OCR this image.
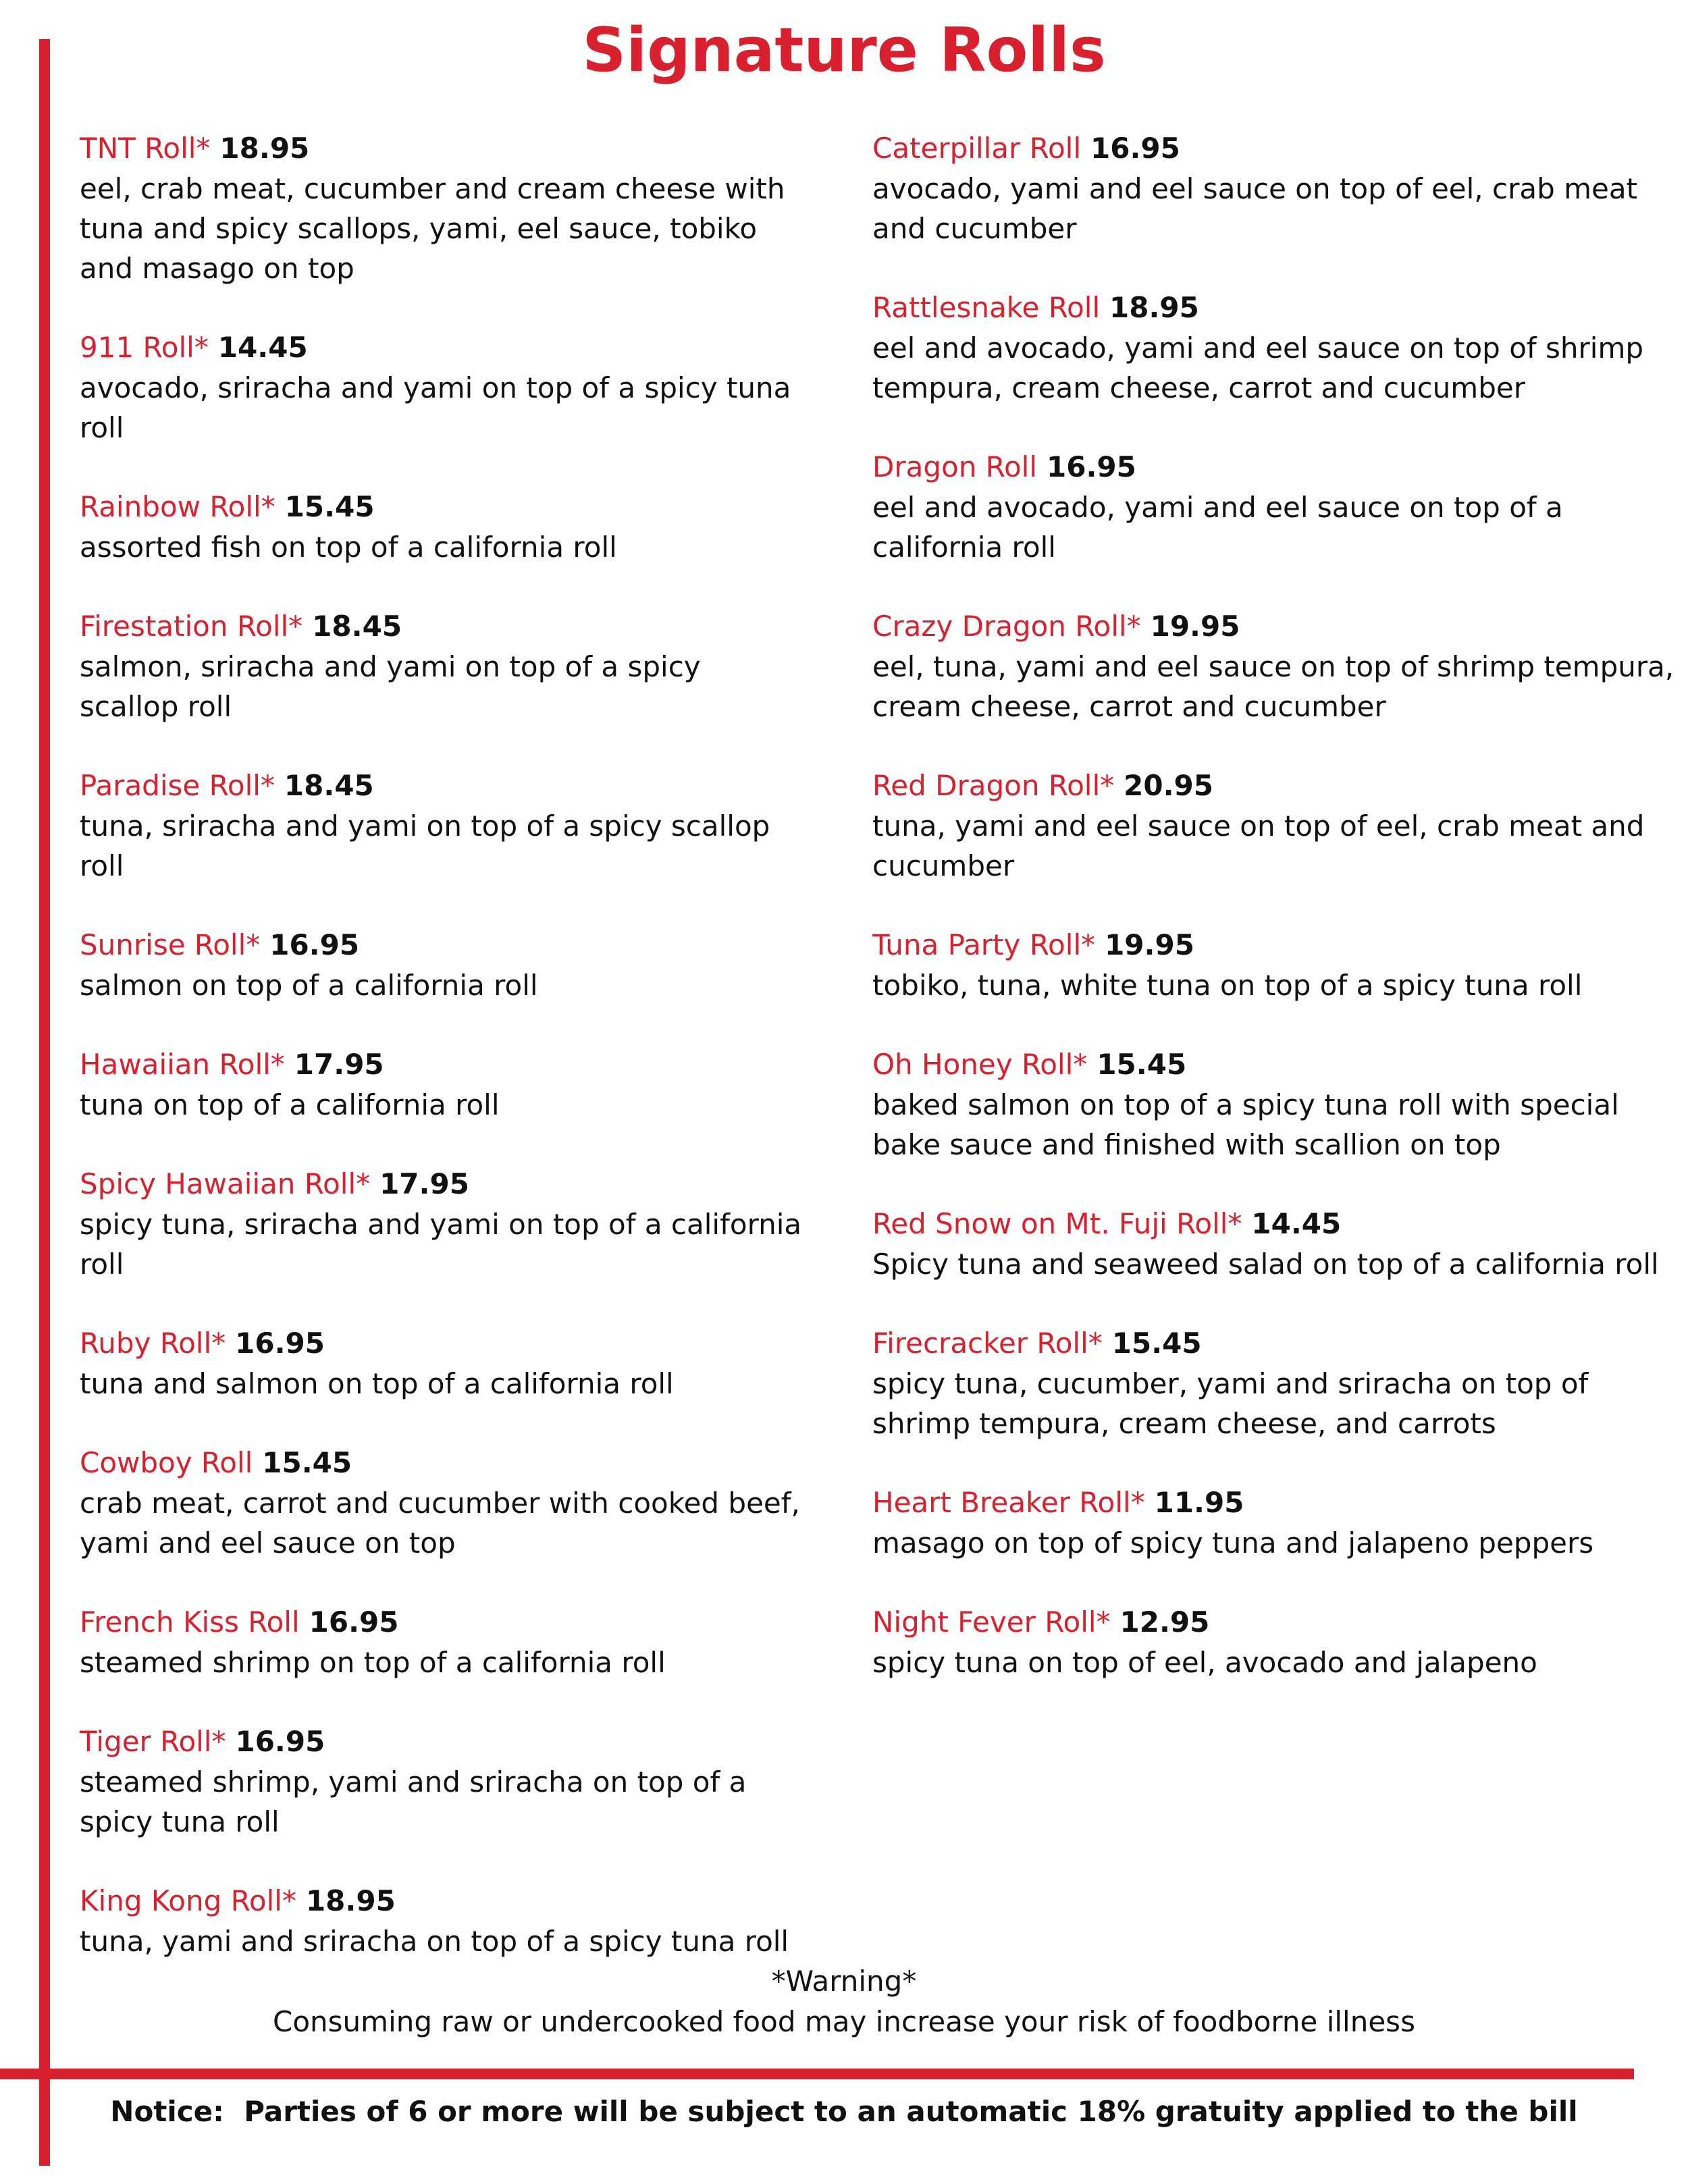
Signature Rolls
TNT Roll* 18.95
eel, crab meat, cucumber and cream cheese with tuna and spicy scallops, yami, eel sauce, tobiko and masago on top
911 Roll* 14.45
avocado, sriracha and yami on top of a spicy tuna roll
Rainbow Roll* 15.45
assorted fish on top of a california roll
Firestation Roll* 18.45
salmon, sriracha and yami on top of a spicy scallop roll
Paradise Roll* 18.45
tuna, sriracha and yami on top of a spicy scallop roll
Sunrise Roll* 16.95
salmon on top of a california roll
Hawaiian Roll* 17.95
tuna on top of a california roll
Spicy Hawaiian Roll* 17.95
spicy tuna, sriracha and yami on top of a california roll
Ruby Roll* 16.95
tuna and salmon on top of a california roll
Cowboy Roll 15.45
crab meat, carrot and cucumber with cooked beef, yami and eel sauce on top
French Kiss Roll 16.95
steamed shrimp on top of a california roll
Tiger Roll* 16.95
steamed shrimp, yami and sriracha on top of a spicy tuna roll
King Kong Roll* 18.95
tuna, yami and sriracha on top of a spicy tuna roll
Caterpillar Roll 16.95
avocado, yami and eel sauce on top of eel, crab meat and cucumber
Rattlesnake Roll 18.95
eel and avocado, yami and eel sauce on top of shrimp tempura, cream cheese, carrot and cucumber
Dragon Roll 16.95
eel and avocado, yami and eel sauce on top of a california roll
Crazy Dragon Roll* 19.95
eel, tuna, yami and eel sauce on top of shrimp tempura, cream cheese, carrot and cucumber
Red Dragon Roll* 20.95
tuna, yami and eel sauce on top of eel, crab meat and cucumber
Tuna Party Roll* 19.95
tobiko, tuna, white tuna on top of a spicy tuna roll
Oh Honey Roll* 15.45
baked salmon on top of a spicy tuna roll with special bake sauce and finished with scallion on top
Red Snow on Mt. Fuji Roll* 14.45
Spicy tuna and seaweed salad on top of a california roll
Firecracker Roll* 15.45
spicy tuna, cucumber, yami and sriracha on top of shrimp tempura, cream cheese, and carrots
Heart Breaker Roll* 11.95
masago on top of spicy tuna and jalapeno peppers
Night Fever Roll* 12.95
spicy tuna on top of eel, avocado and jalapeno
*Warning*
Consuming raw or undercooked food may increase your risk of foodborne illness
Notice:  Parties of 6 or more will be subject to an automatic 18% gratuity applied to the bill
